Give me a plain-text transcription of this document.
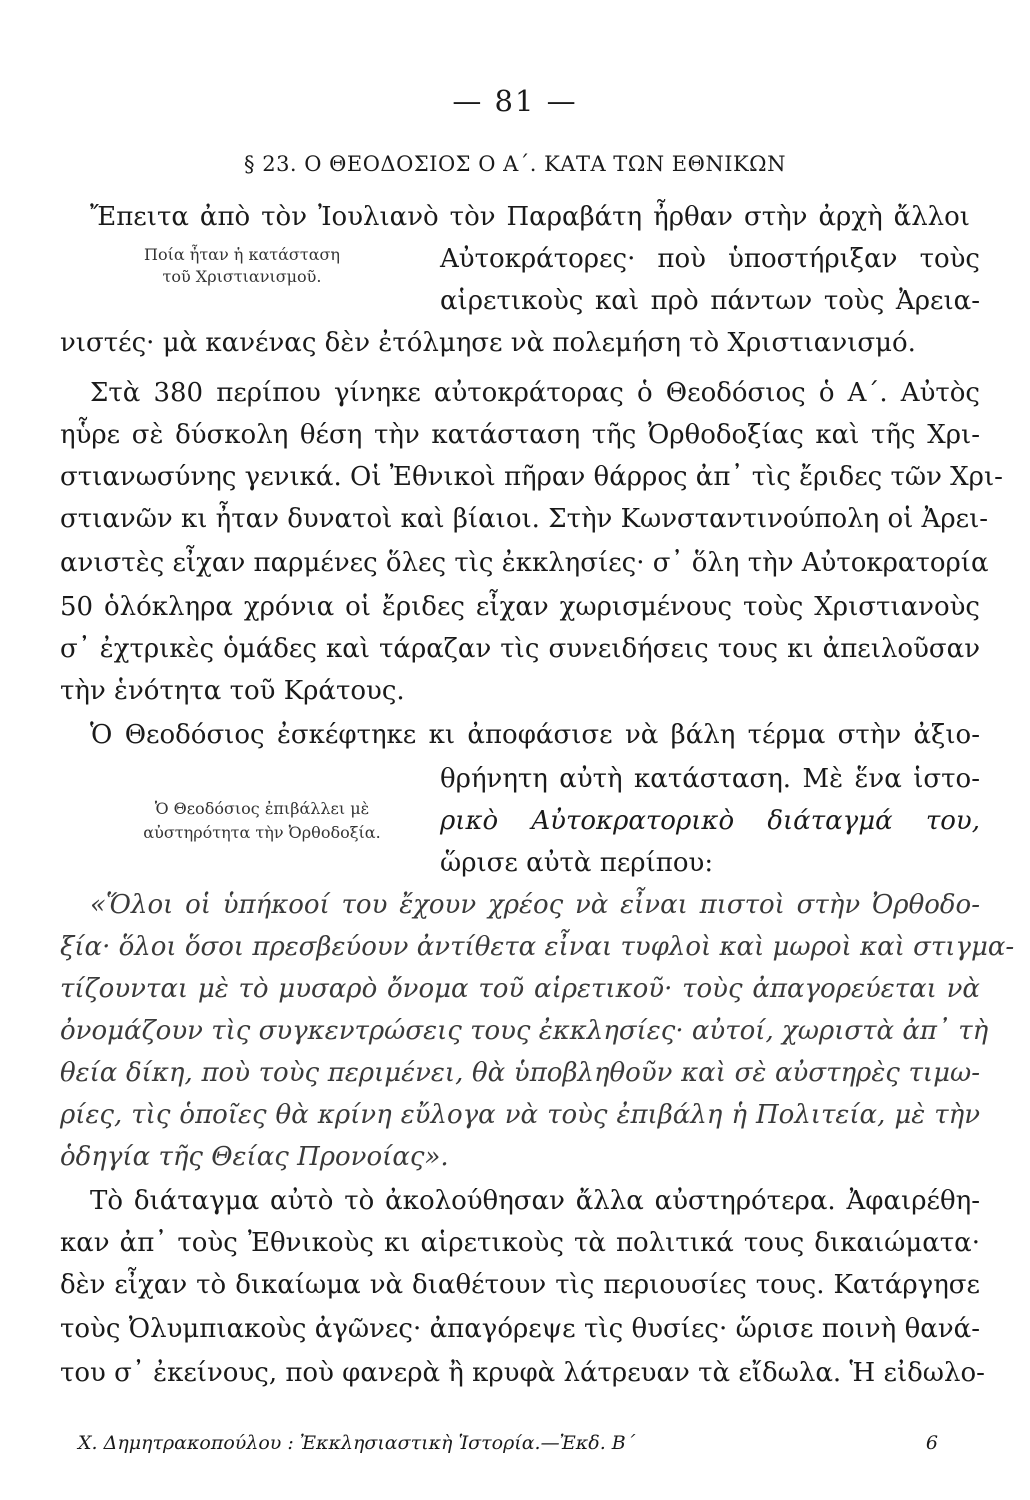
— 81 —
§ 23. Ο ΘΕΟΔΟΣΙΟΣ Ο Α΄. ΚΑΤΑ ΤΩΝ ΕΘΝΙΚΩΝ
Ἔπειτα ἀπὸ τὸν Ἰουλιανὸ τὸν Παραβάτη ἦρθαν στὴν ἀρχὴ ἄλλοι
Ποία ἦταν ἡ κατάσταση
τοῦ Χριστιανισμοῦ.
Αὐτοκράτορες· ποὺ ὑποστήριξαν τοὺς
αἱρετικοὺς καὶ πρὸ πάντων τοὺς Ἀρεια-
νιστές· μὰ κανένας δὲν ἐτόλμησε νὰ πολεμήση τὸ Χριστιανισμό.
Στὰ 380 περίπου γίνηκε αὐτοκράτορας ὁ Θεοδόσιος ὁ Α΄. Αὐτὸς
ηὗρε σὲ δύσκολη θέση τὴν κατάσταση τῆς Ὀρθοδοξίας καὶ τῆς Χρι-
στιανωσύνης γενικά. Οἱ Ἐθνικοὶ πῆραν θάρρος ἀπ᾿ τὶς ἔριδες τῶν Χρι-
στιανῶν κι ἦταν δυνατοὶ καὶ βίαιοι. Στὴν Κωνσταντινούπολη οἱ Ἀρει-
ανιστὲς εἶχαν παρμένες ὅλες τὶς ἐκκλησίες· σ᾿ ὅλη τὴν Αὐτοκρατορία
50 ὁλόκληρα χρόνια οἱ ἔριδες εἶχαν χωρισμένους τοὺς Χριστιανοὺς
σ᾿ ἐχτρικὲς ὁμάδες καὶ τάραζαν τὶς συνειδήσεις τους κι ἀπειλοῦσαν
τὴν ἑνότητα τοῦ Κράτους.
Ὁ Θεοδόσιος ἐσκέφτηκε κι ἀποφάσισε νὰ βάλη τέρμα στὴν ἀξιο-
θρήνητη αὐτὴ κατάσταση. Μὲ ἕνα ἱστο-
Ὁ Θεοδόσιος ἐπιβάλλει μὲ
αὐστηρότητα τὴν Ὀρθοδοξία.	ρικὸ Αὐτοκρατορικὸ διάταγμά του,
ὥρισε αὐτὰ περίπου:
«Ὅλοι οἱ ὑπήκοοί του ἔχουν χρέος νὰ εἶναι πιστοὶ στὴν Ὀρθοδο-
ξία· ὅλοι ὅσοι πρεσβεύουν ἀντίθετα εἶναι τυφλοὶ καὶ μωροὶ καὶ στιγμα-
τίζουνται μὲ τὸ μυσαρὸ ὄνομα τοῦ αἱρετικοῦ· τοὺς ἀπαγορεύεται νὰ
ὀνομάζουν τὶς συγκεντρώσεις τους ἐκκλησίες· αὐτοί, χωριστὰ ἀπ᾿ τὴ
θεία δίκη, ποὺ τοὺς περιμένει, θὰ ὑποβληθοῦν καὶ σὲ αὐστηρὲς τιμω-
ρίες, τὶς ὁποῖες θὰ κρίνη εὔλογα νὰ τοὺς ἐπιβάλη ἡ Πολιτεία, μὲ τὴν
ὁδηγία τῆς Θείας Προνοίας».
Τὸ διάταγμα αὐτὸ τὸ ἀκολούθησαν ἄλλα αὐστηρότερα. Ἀφαιρέθη-
καν ἀπ᾿ τοὺς Ἐθνικοὺς κι αἱρετικοὺς τὰ πολιτικά τους δικαιώματα·
δὲν εἶχαν τὸ δικαίωμα νὰ διαθέτουν τὶς περιουσίες τους. Κατάργησε
τοὺς Ὀλυμπιακοὺς ἀγῶνες· ἀπαγόρεψε τὶς θυσίες· ὥρισε ποινὴ θανά-
του σ᾿ ἐκείνους, ποὺ φανερὰ ἢ κρυφὰ λάτρευαν τὰ εἴδωλα. Ἡ εἰδωλο-
Χ. Δημητρακοπούλου : Ἐκκλησιαστικὴ Ἱστορία.—Ἐκδ. Β΄	6
